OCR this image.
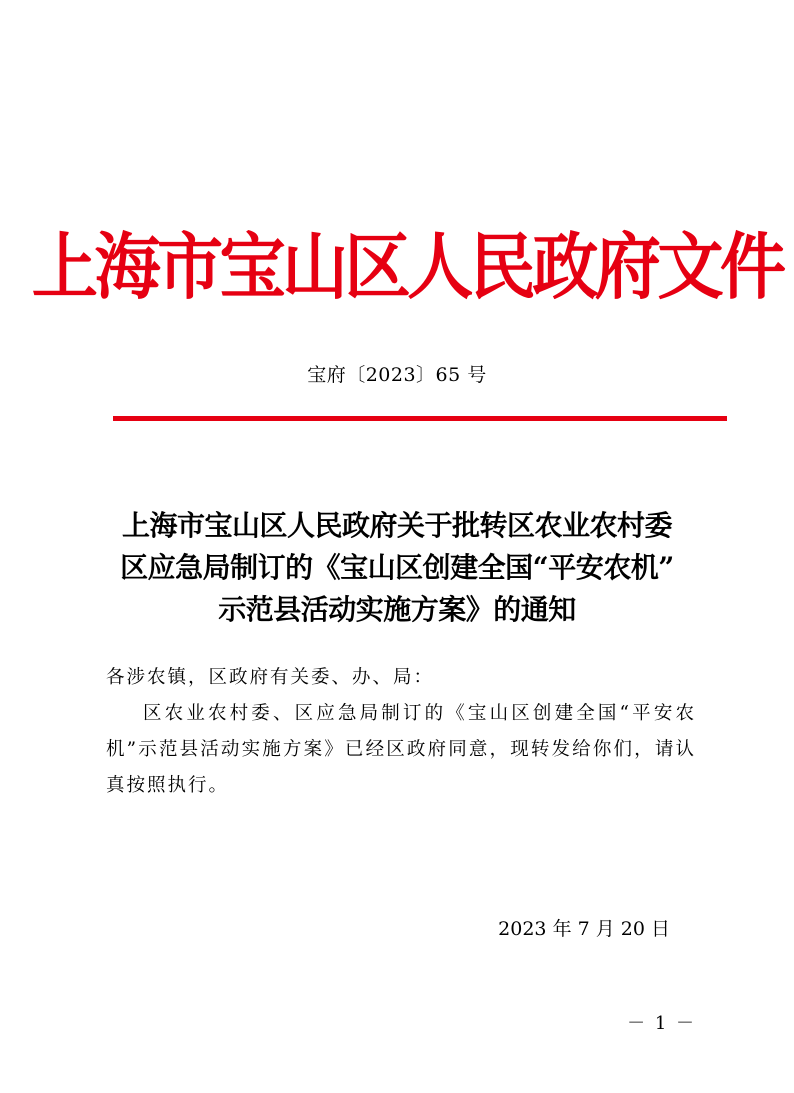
上海市宝山区人民政府文件
宝府〔2023〕65 号
上海市宝山区人民政府关于批转区农业农村委
区应急局制订的《宝山区创建全国“平安农机”
示范县活动实施方案》的通知

各涉农镇，区政府有关委、办、局：

区农业农村委、区应急局制订的《宝山区创建全国“平安农机”示范县活动实施方案》已经区政府同意，现转发给你们，请认真按照执行。

2023 年 7 月 20 日
－ 1 －
